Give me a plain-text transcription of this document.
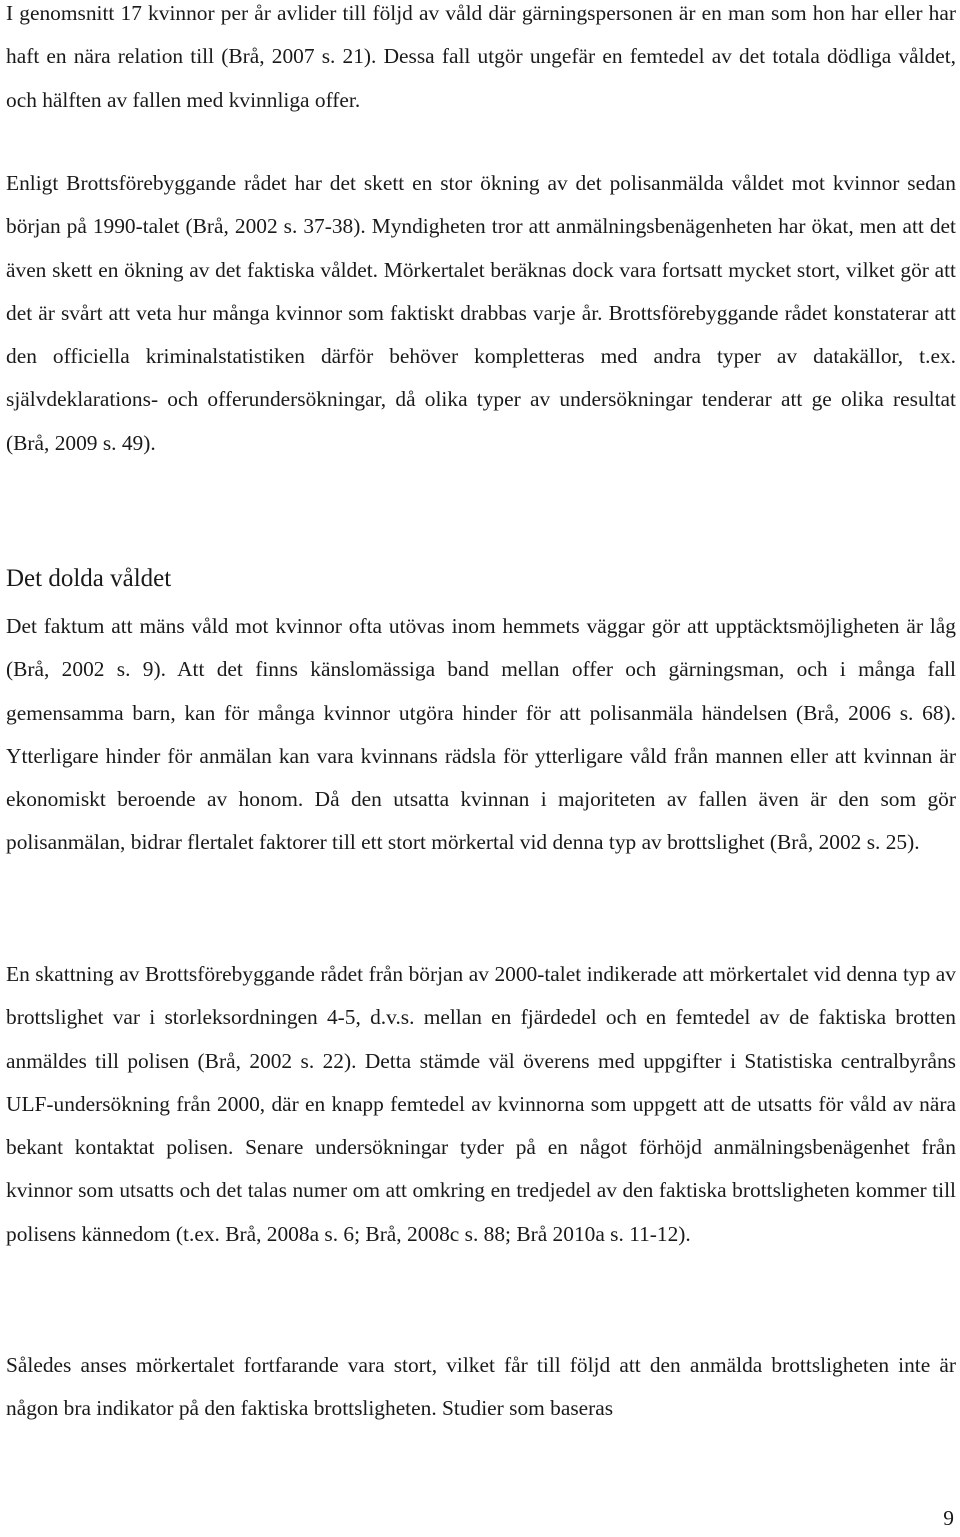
I genomsnitt 17 kvinnor per år avlider till följd av våld där gärningspersonen är en man som hon har eller har haft en nära relation till (Brå, 2007 s. 21). Dessa fall utgör ungefär en femtedel av det totala dödliga våldet, och hälften av fallen med kvinnliga offer.

Enligt Brottsförebyggande rådet har det skett en stor ökning av det polisanmälda våldet mot kvinnor sedan början på 1990-talet (Brå, 2002 s. 37-38). Myndigheten tror att anmälningsbenägenheten har ökat, men att det även skett en ökning av det faktiska våldet. Mörkertalet beräknas dock vara fortsatt mycket stort, vilket gör att det är svårt att veta hur många kvinnor som faktiskt drabbas varje år. Brottsförebyggande rådet konstaterar att den officiella kriminalstatistiken därför behöver kompletteras med andra typer av datakällor, t.ex. självdeklarations- och offerundersökningar, då olika typer av undersökningar tenderar att ge olika resultat (Brå, 2009 s. 49).

Det dolda våldet

Det faktum att mäns våld mot kvinnor ofta utövas inom hemmets väggar gör att upptäcktsmöjligheten är låg (Brå, 2002 s. 9). Att det finns känslomässiga band mellan offer och gärningsman, och i många fall gemensamma barn, kan för många kvinnor utgöra hinder för att polisanmäla händelsen (Brå, 2006 s. 68). Ytterligare hinder för anmälan kan vara kvinnans rädsla för ytterligare våld från mannen eller att kvinnan är ekonomiskt beroende av honom. Då den utsatta kvinnan i majoriteten av fallen även är den som gör polisanmälan, bidrar flertalet faktorer till ett stort mörkertal vid denna typ av brottslighet (Brå, 2002 s. 25).

En skattning av Brottsförebyggande rådet från början av 2000-talet indikerade att mörkertalet vid denna typ av brottslighet var i storleksordningen 4-5, d.v.s. mellan en fjärdedel och en femtedel av de faktiska brotten anmäldes till polisen (Brå, 2002 s. 22). Detta stämde väl överens med uppgifter i Statistiska centralbyråns ULF-undersökning från 2000, där en knapp femtedel av kvinnorna som uppgett att de utsatts för våld av nära bekant kontaktat polisen. Senare undersökningar tyder på en något förhöjd anmälningsbenägenhet från kvinnor som utsatts och det talas numer om att omkring en tredjedel av den faktiska brottsligheten kommer till polisens kännedom (t.ex. Brå, 2008a s. 6; Brå, 2008c s. 88; Brå 2010a s. 11-12).

Således anses mörkertalet fortfarande vara stort, vilket får till följd att den anmälda brottsligheten inte är någon bra indikator på den faktiska brottsligheten. Studier som baseras

9
